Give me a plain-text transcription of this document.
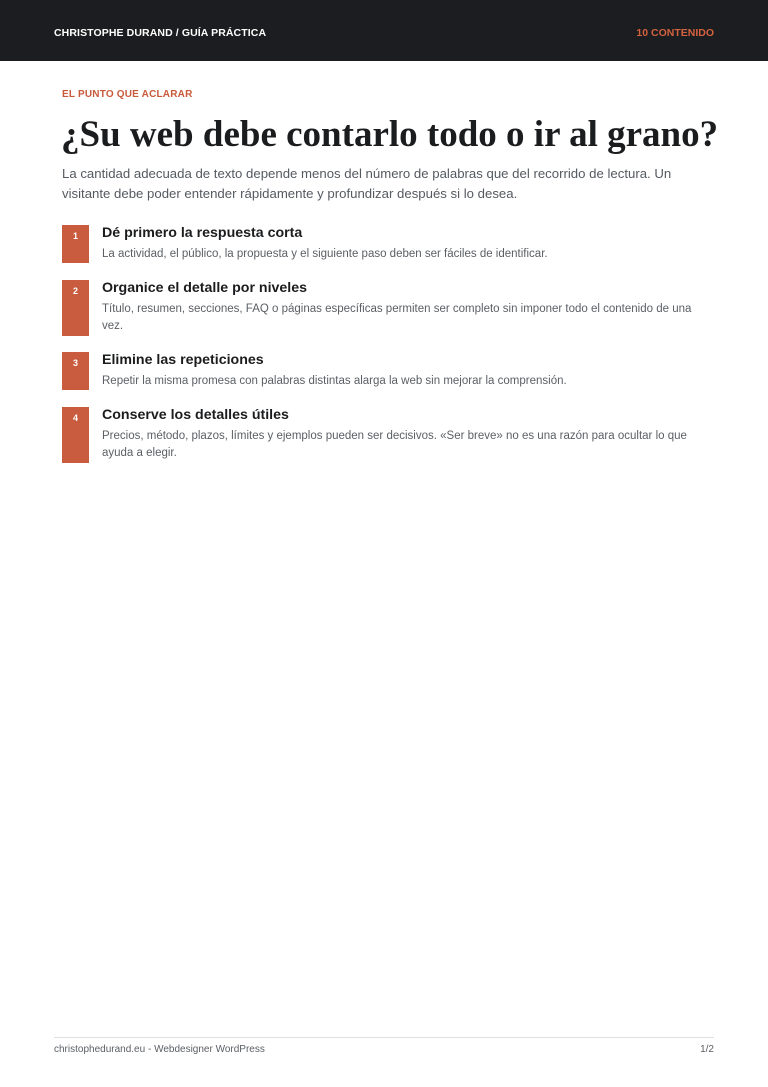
CHRISTOPHE DURAND / GUÍA PRÁCTICA	10 CONTENIDO
EL PUNTO QUE ACLARAR
¿Su web debe contarlo todo o ir al grano?

La cantidad adecuada de texto depende menos del número de palabras que del recorrido de lectura. Un visitante debe poder entender rápidamente y profundizar después si lo desea.

1	Dé primero la respuesta corta

La actividad, el público, la propuesta y el siguiente paso deben ser fáciles de identificar.

2	Organice el detalle por niveles

Título, resumen, secciones, FAQ o páginas específicas permiten ser completo sin imponer todo el contenido de una vez.

3	Elimine las repeticiones

Repetir la misma promesa con palabras distintas alarga la web sin mejorar la comprensión.

4	Conserve los detalles útiles

Precios, método, plazos, límites y ejemplos pueden ser decisivos. «Ser breve» no es una razón para ocultar lo que ayuda a elegir.

christophedurand.eu - Webdesigner WordPress	1/2
